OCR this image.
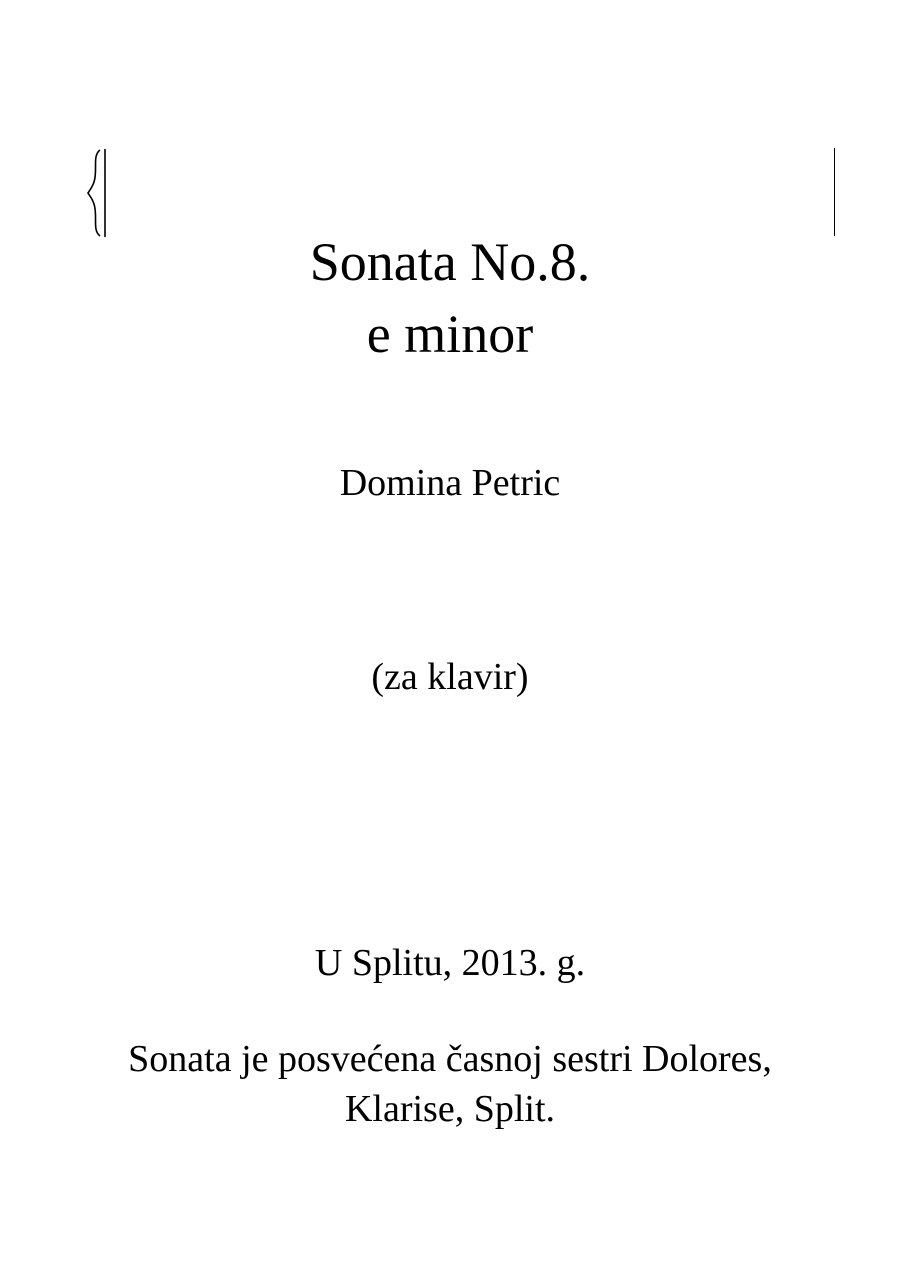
Sonata No.8.
e minor
Domina Petric
(za klavir)
U Splitu, 2013. g.
Sonata je posvećena časnoj sestri Dolores,
Klarise, Split.
